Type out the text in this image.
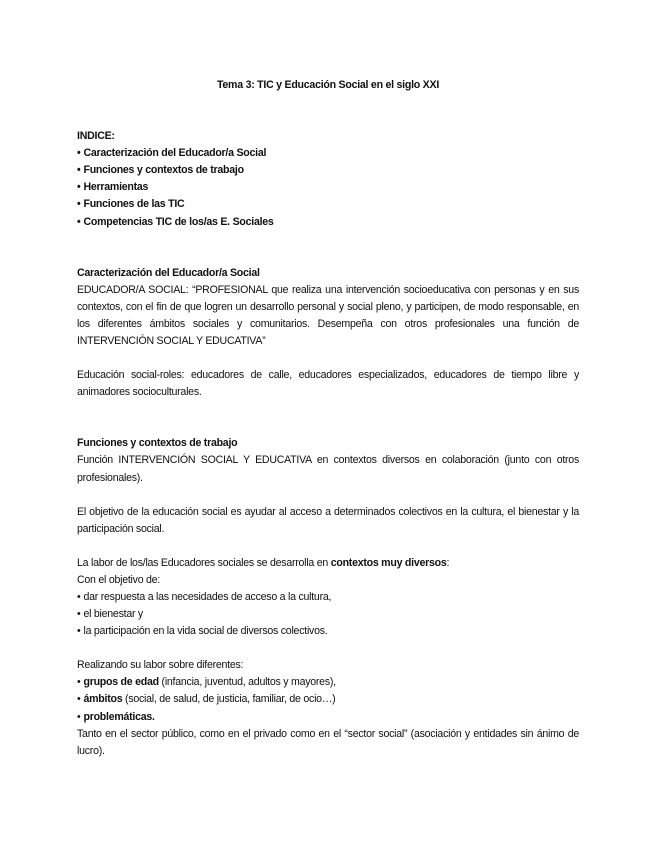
Tema 3: TIC y Educación Social en el siglo XXI

INDICE:

• Caracterización del Educador/a Social
• Funciones y contextos de trabajo
• Herramientas
• Funciones de las TIC
• Competencias TIC de los/as E. Sociales

Caracterización del Educador/a Social

EDUCADOR/A SOCIAL: “PROFESIONAL que realiza una intervención socioeducativa con personas y en sus contextos, con el fin de que logren un desarrollo personal y social pleno, y participen, de modo responsable, en los diferentes ámbitos sociales y comunitarios. Desempeña con otros profesionales una función de INTERVENCIÓN SOCIAL Y EDUCATIVA”

Educación social-roles: educadores de calle, educadores especializados, educadores de tiempo libre y animadores socioculturales.

Funciones y contextos de trabajo

Función INTERVENCIÓN SOCIAL Y EDUCATIVA en contextos diversos en colaboración (junto con otros profesionales).

El objetivo de la educación social es ayudar al acceso a determinados colectivos en la cultura, el bienestar y la participación social.

La labor de los/las Educadores sociales se desarrolla en contextos muy diversos:

Con el objetivo de:

• dar respuesta a las necesidades de acceso a la cultura,
• el bienestar y
• la participación en la vida social de diversos colectivos.

Realizando su labor sobre diferentes:

• grupos de edad (infancia, juventud, adultos y mayores),
• ámbitos (social, de salud, de justicia, familiar, de ocio…)
• problemáticas.

Tanto en el sector público, como en el privado como en el “sector social” (asociación y entidades sin ánimo de lucro).
